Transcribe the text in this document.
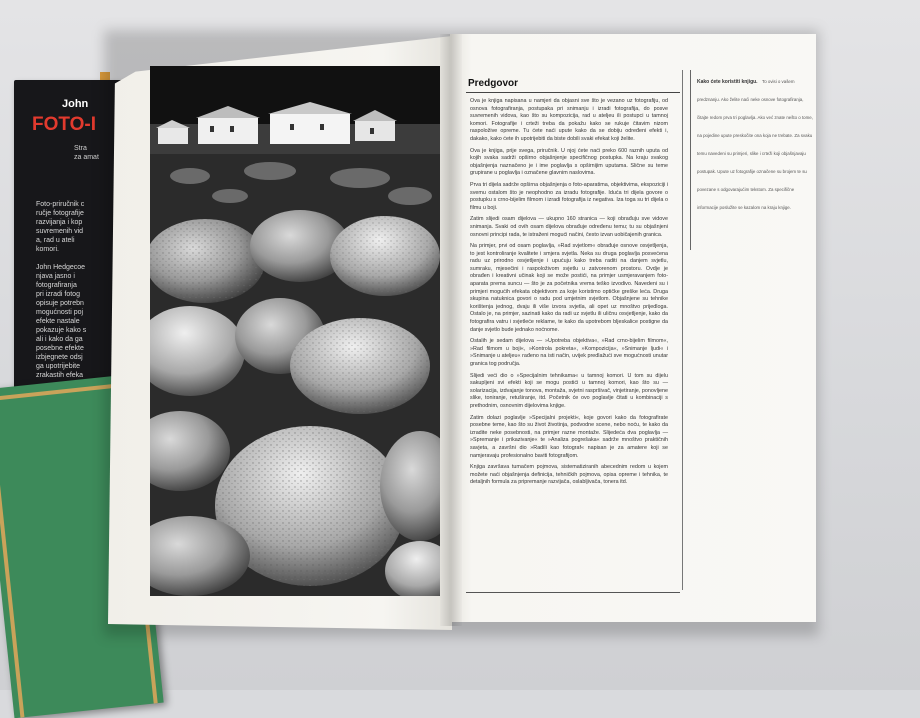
John
FOTO-I
Stra
za amat
Foto-priručnik c
ruĉje fotografije
razvijanja i kop
suvremenih vid
a, rad u ateli
komori.

John Hedgecoe
njava jasno i
fotografiranja
pri izradi fotog
opisuje potrebn
mogućnosti poj
efekte nastale
pokazuje kako s
ali i kako da ga
posebne efekte
izbjegnete odsj
ga upotrijebite
zrakastih efeka
Predgovor

Ova je knjiga napisana u namjeri da objasni sve što je vezano uz fotografiju, od osnova fotografiranja, postupaka pri snimanju i izradi fotografija, do posve suvremenih vidova, kao što su kompozicija, rad u ateljeu ili postupci u tamnoj komori. Fotografije i crteži treba da pokažu kako se rukuje čitavim nizom raspoložive opreme. Tu ćete naći upute kako da se dobiju određeni efekti i, dakako, kako ćete ih upotrijebiti da biste dobili svaki efekat koji želite.

Ova je knjiga, prije svega, priručnik. U njoj ćete naći preko 600 raznih uputa od kojih svaka sadrži opširno objašnjenje specifičnog postupka. Na kraju svakog objašnjenja naznačeno je i ime poglavlja s opširnijim uputama. Slične su teme grupirane u poglavlja i označene glavnim naslovima.

Prva tri dijela sadrže opširna objašnjenja o foto-aparatima, objektivima, ekspoziciji i svemu ostalom što je neophodno za izradu fotografije. Iduća tri dijela govore o postupku s crno-bijelim filmom i izradi fotografija iz negativa. Iza toga su tri dijela o filmu u boji.

Zatim slijedi osam dijelova — ukupno 160 stranica — koji obrađuju sve vidove snimanja. Svaki od ovih osam dijelova obrađuje određenu temu; tu su objašnjeni osnovni principi rada, te istraženi mogući načini, često izvan uobičajenih granica.

Na primjer, prvi od osam poglavlja, »Rad svjetlom« obrađuje osnove osvjetljenja, to jest kontroliranje kvalitete i smjera svjetla. Neka su druga poglavlja posvećena radu uz prirodno osvjetljenje i upućuju kako treba raditi na danjem svjetlu, sumraku, mjesečini i raspoloživom svjetlu u zatvorenom prostoru. Ovdje je obrađen i kreativni učinak koji se može postići, na primjer usmjeravanjem foto-aparata prema suncu — što je za početnika vrema teško izvodivo. Navedeni su i primjeri mogućih efekata objektivom za koje koristimo optičke greške leća. Druga skupina natuknica govori o radu pod umjetnim svjetlom. Objašnjene su tehnike korištenja jednog, dvaju ili više izvora svjetla, ali opet uz mnoštvo prijedloga. Ostalo je, na primjer, sazinati kako da radi uz svjetlu ili uličnu osvjetljenje, kako da fotografira vatru i svjetleće reklame, te kako da upotrebom bljeskalice postigne da danje svjetlo bude jednako noćnome.

Ostalih je sedam dijelova — »Upotreba objektiva«, »Rad crno-bijelim filmom«, »Rad filmom u boji«, »Kontrola pokreta«, »Kompozicija«, »Snimanje ljudi« i »Snimanje u ateljeu« rađeno na isti način, uvijek predlažući sve mogućnosti unutar granica tog područja.

Slijedi veći dio o »Specijalnim tehnikama« u tamnoj komori. U tom su dijelu sakupljeni svi efekti koji se mogu postići u tamnoj komori, kao što su — solarizacija, izdvajanje tonova, montaža, svjetni raspršivač, vinjetiranje, ponovljene slike, toniranje, retuširanje, itd. Početnik će ovo poglavlje čitati u kombinaciji s prethodnim, osnovnim dijelovima knjige.

Zatim dolazi poglavlje »Specijalni projekti«, koje govori kako da fotografirate posebne teme, kao što su život životinja, podvodne scene, nebo noću, te kako da izradite neke posebnosti, na primjer razne montaže. Slijedeća dva poglavlja — »Spremanje i prikazivanje« te »Analiza pogrešaka« sadrže mnoštvo praktičnih savjeta, a završni dio »Radili kao fotograf« napisan je za amatere koji se namjeravaju profesionalno baviti fotografijom.

Knjiga završava tumačem pojmova, sistematiziranih abecednim redom u kojem možete naći objašnjenja definicija, tehničkih pojmova, opisa opreme i tehnika, te detaljnih formula za pripremanje razvijača, oslabljivača, tonera itd.

Kako ćete koristiti knjigu. To ovisi o vašem predznanju. Ako želite naći neke osnove fotografiranja, čitajte redom prva tri poglavlja. Ako već znate nešto o tome, na pojedine upute preskočite ona koja ne trebate. Za svaku temu navedeni su primjeri, slike i crteži koji objašnjavaju postupak. Upute uz fotografije označene su brojem te su povezane s odgovarajućim tekstom. Za specifične informacije poslužite se kazalom na kraju knjige.
